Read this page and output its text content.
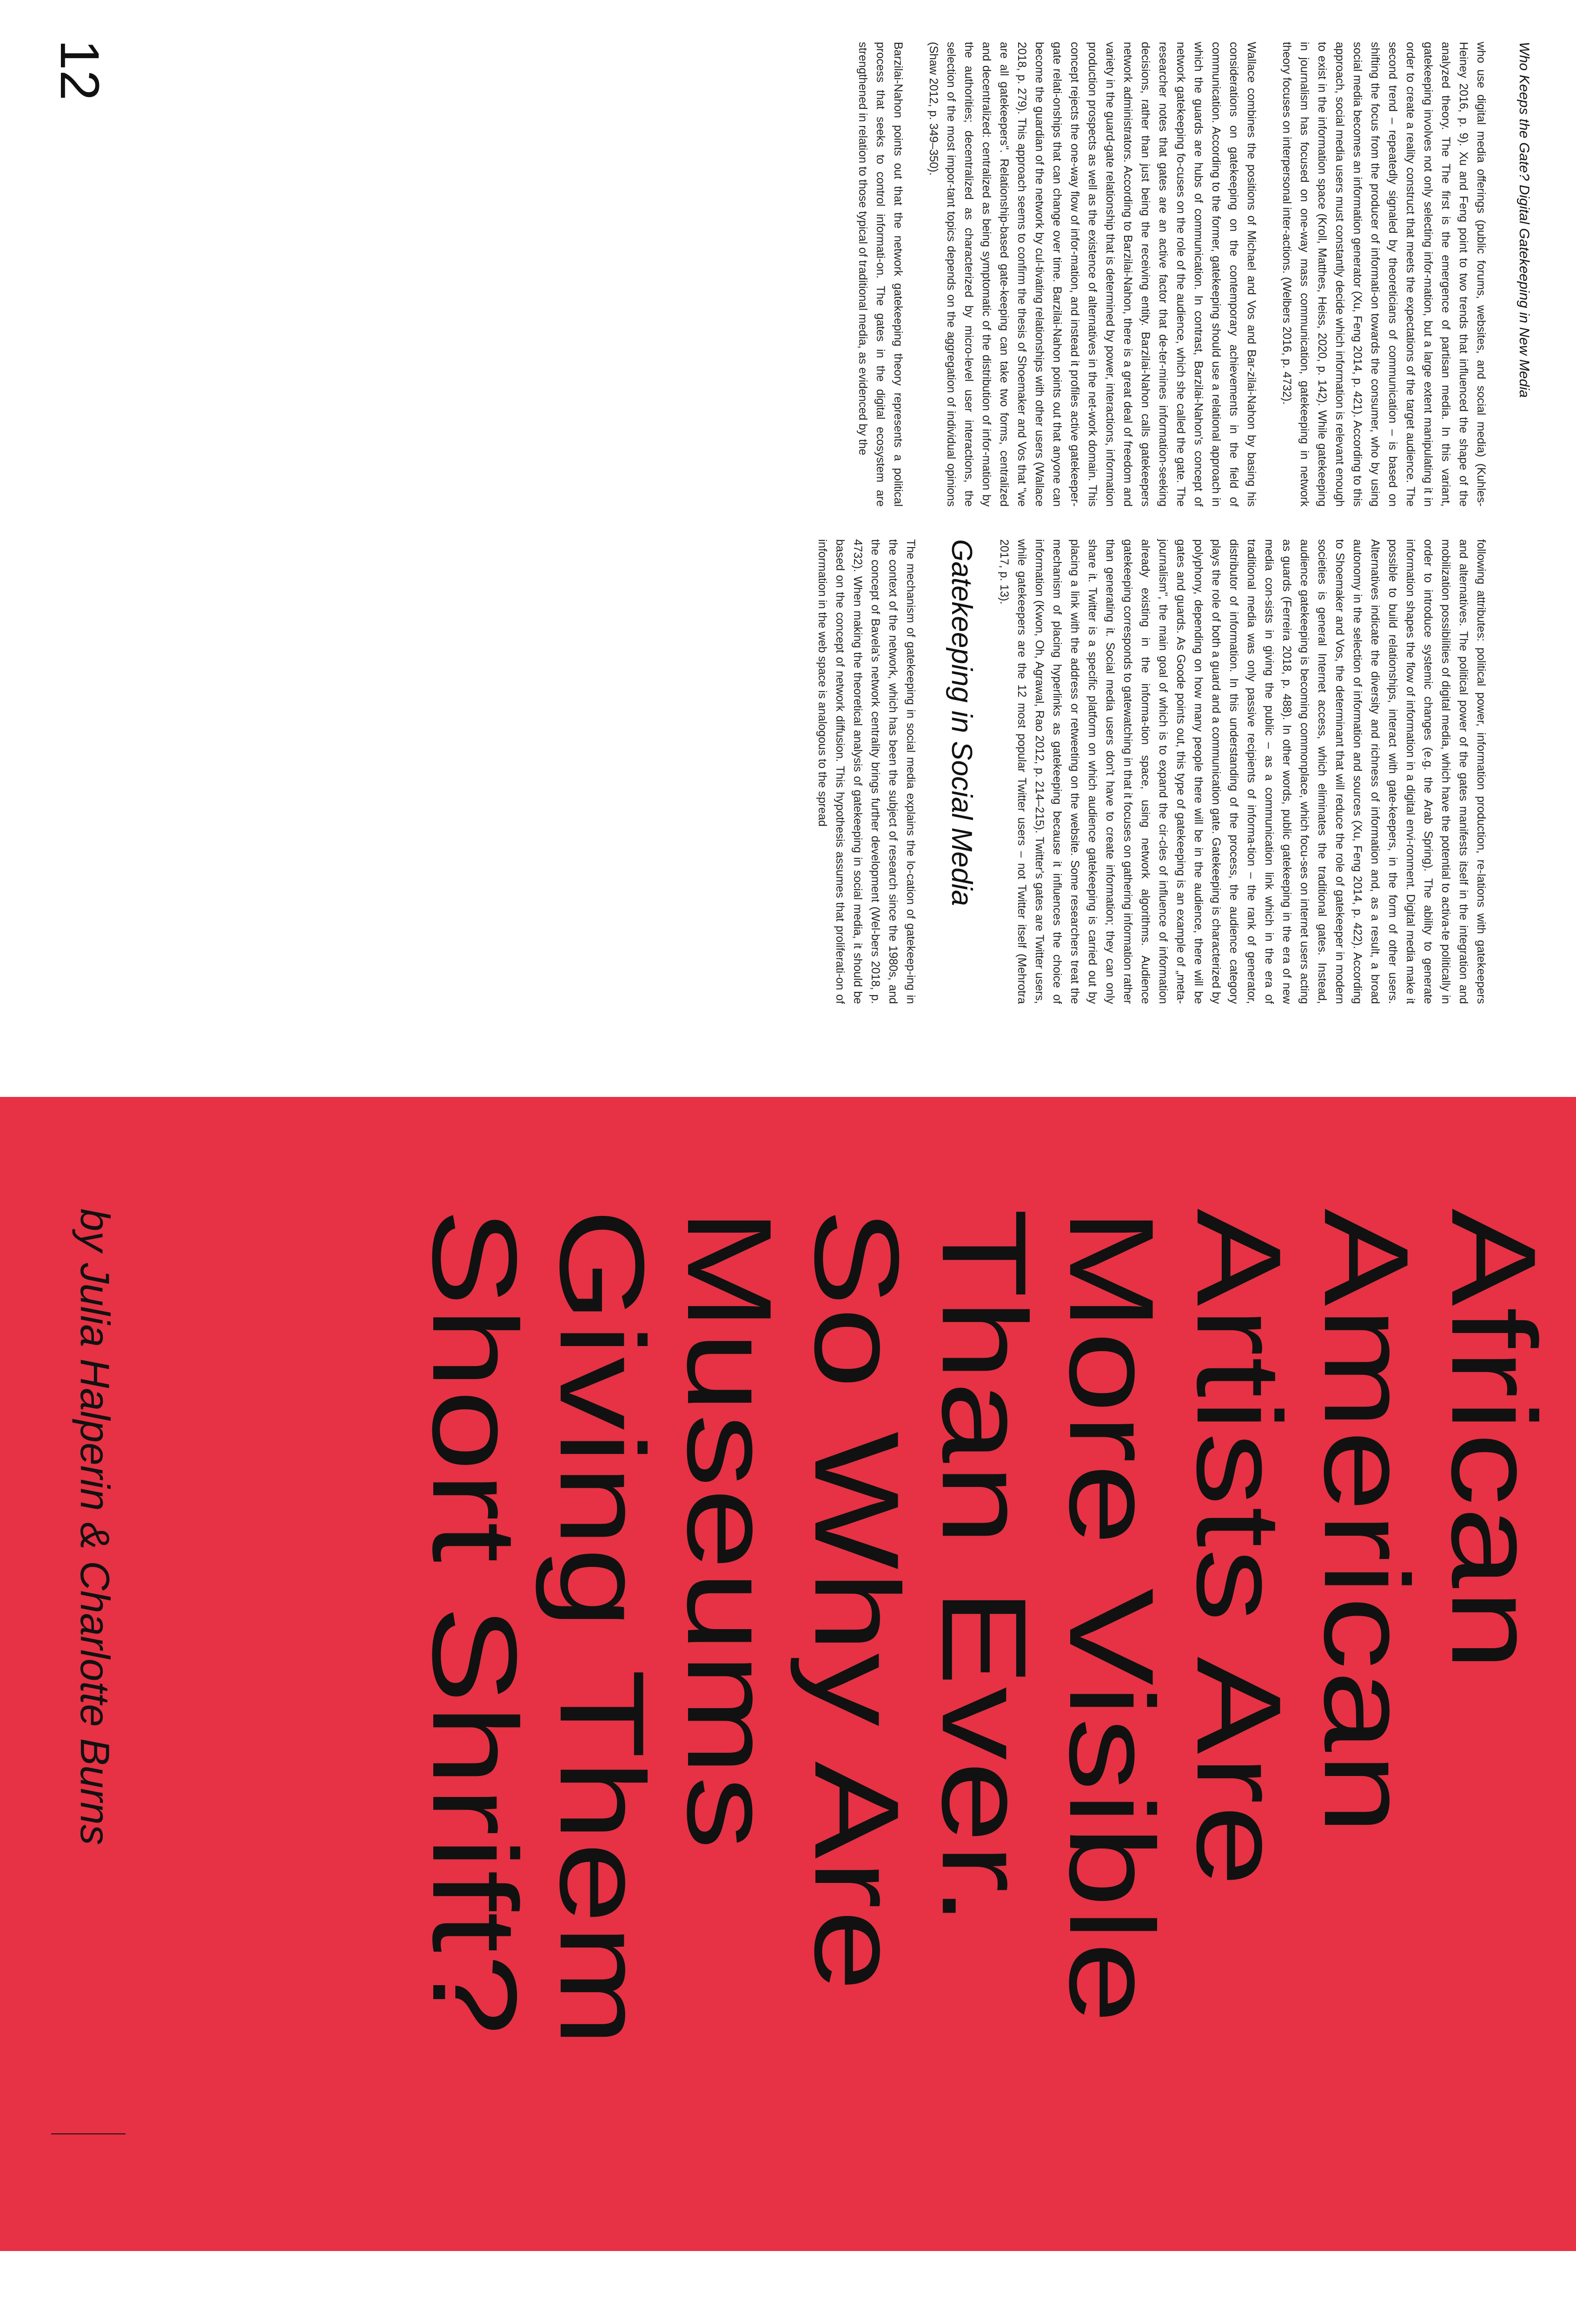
Who Keeps the Gate? Digital Gatekeeping in New Media

who use digital media offerings (public forums, websites, and social media) (Kuhles-Heiney 2016, p. 9). Xu and Feng point to two trends that influenced the shape of the analyzed theory. The The first is the emergence of partisan media. In this variant, gatekeeping involves not only selecting infor-mation, but a large extent manipulating it in order to create a reality construct that meets the expectations of the target audience. The second trend – repeatedly signaled by theoreticians of communication – is based on shifting the focus from the producer of informati-on towards the consumer, who by using social media becomes an information generator (Xu, Feng 2014, p. 421). According to this approach, social media users must constantly decide which information is relevant enough to exist in the information space (Kroll, Matthes, Heiss, 2020, p. 142). While gatekeeping in journalism has focused on one-way mass communication, gatekeeping in network theory focuses on interpersonal inter-actions. (Welbers 2016, p. 4732).

Wallace combines the positions of Michael and Vos and Bar-zilai-Nahon by basing his considerations on gatekeeping on the contemporary achievements in the field of communication. According to the former, gatekeeping should use a relational approach in which the guards are hubs of communication. In contrast, Barzilai-Nahon's concept of network gatekeeping fo-cuses on the role of the audience, which she called the gate. The researcher notes that gates are an active factor that de-ter-mines information-seeking decisions, rather than just being the receiving entity. Barzilai-Nahon calls gatekeepers network administrators. According to Barzilai-Nahon, there is a great deal of freedom and variety in the guard-gate relationship that is determined by power, interactions, information production prospects as well as the existence of alternatives in the net-work domain. This concept rejects the one-way flow of infor-mation, and instead it profiles active gatekeeper-gate relati-onships that can change over time. Barzilai-Nahon points out that anyone can become the guardian of the network by cul-tivating relationships with other users (Wallace 2018, p. 279). This approach seems to confirm the thesis of Shoemaker and Vos that "we are all gatekeepers". Relationship-based gate-keeping can take two forms, centralized and decentralized: centralized as being symptomatic of the distribution of infor-mation by the authorities; decentralized as characterized by micro-level user interactions, the selection of the most impor-tant topics depends on the aggregation of individual opinions (Shaw 2012, p. 349–350).

Barzilai-Nahon points out that the network gatekeeping theory represents a political process that seeks to control informati-on. The gates in the digital ecosystem are strengthened in relation to those typical of traditional media, as evidenced by the

following attributes: political power, information production, re-lations with gatekeepers and alternatives. The political power of the gates manifests itself in the integration and mobilization possibilities of digital media, which have the potential to activa-te politically in order to introduce systemic changes (e.g. the Arab Spring). The ability to generate information shapes the flow of information in a digital envi-ronment. Digital media make it possible to build relationships, interact with gate-keepers, in the form of other users. Alternatives indicate the diversity and richness of information and, as a result, a broad autonomy in the selection of information and sources (Xu, Feng 2014, p. 422). According to Shoemaker and Vos, the determinant that will reduce the role of gatekeeper in modern societies is general Internet access, which eliminates the traditional gates. Instead, audience gatekeeping is becoming commonplace, which focu-ses on internet users acting as guards (Ferreira 2018, p. 488). In other words, public gatekeeping in the era of new media con-sists in giving the public – as a communication link which in the era of traditional media was only passive recipients of informa-tion – the rank of generator, distributor of information. In this understanding of the process, the audience category plays the role of both a guard and a communication gate. Gatekeeping is characterized by polyphony, depending on how many people there will be in the audience, there will be gates and guards. As Goode points out, this type of gatekeeping is an example of „meta-journalism", the main goal of which is to expand the cir-cles of influence of information already existing in the informa-tion space, using network algorithms. Audience gatekeeping corresponds to gatewatching in that it focuses on gathering information rather than generating it. Social media users don't have to create information; they can only share it. Twitter is a specific platform on which audience gatekeeping is carried out by placing a link with the address or retweeting on the website. Some researchers treat the mechanism of placing hyperlinks as gatekeeping because it influences the choice of information (Kwon, Oh, Agrawal, Rao 2012, p. 214–215). Twitter's gates are Twitter users, while gatekeepers are the 12 most popular Twitter users – not Twitter itself (Mehrotra 2017, p. 13).

Gatekeeping in Social Media

The mechanism of gatekeeping in social media explains the lo-cation of gatekeep-ing in the context of the network, which has been the subject of research since the 1980s, and the concept of Bavela's network centrality brings further development (Wel-bers 2018, p. 4732). When making the theoretical analysis of gatekeeping in social media, it should be based on the concept of network diffusion. This hypothesis assumes that proliferati-on of information in the web space is analogous to the spread

12
African
American
Artists Are
More Visible
Than Ever.
So Why Are
Museums
Giving Them
Short Shrift?
by Julia Halperin & Charlotte Burns
